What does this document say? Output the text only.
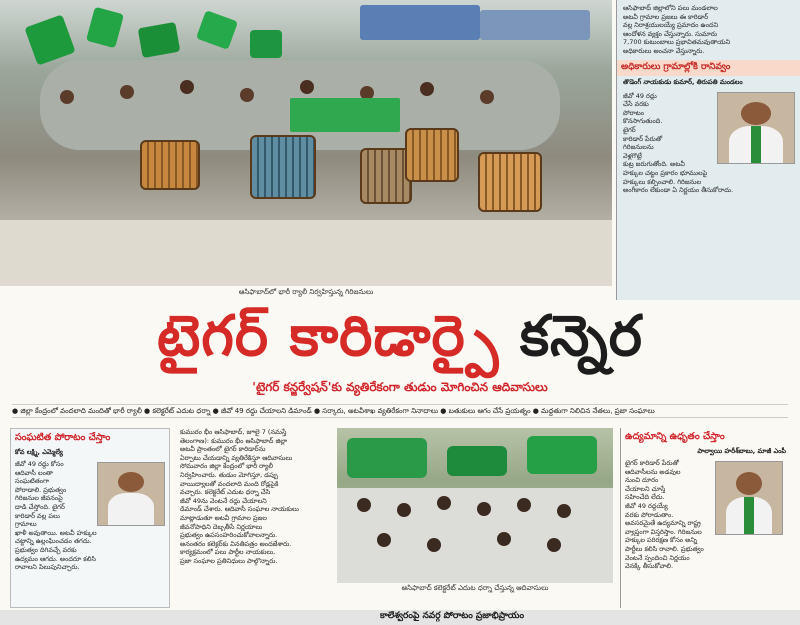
ఆసిఫాబాద్‌లో భారీ ర్యాలీ నిర్వహిస్తున్న గిరిజనులు
ఆసిఫాబాద్ జిల్లాలోని పలు మండలాల
అటవీ గ్రామాల ప్రజలు ఈ కారిడార్
వల్ల నిరాశ్రయులయ్యే ప్రమాదం ఉందని
ఆందోళన వ్యక్తం చేస్తున్నారు. సుమారు
7,700 కుటుంబాలు ప్రభావితమవుతాయని
అధికారులు అంచనా వేస్తున్నారు.
అధికారులు గ్రామాల్లోకి రానివ్వం
తొడెంగ్ నాయకుడు కుమార్, తిరుపతి మండలం
జీవో 49 రద్దు
చేసే వరకు
పోరాటం
కొనసాగుతుంది.
టైగర్
కారిడార్ పేరుతో
గిరిజనులను
వెళ్లగొట్టే
కుట్ర జరుగుతోంది. అటవీ
హక్కుల చట్టం ప్రకారం భూములపై
హక్కులు కల్పించాలి. గిరిజనుల
అంగీకారం లేకుండా ఏ నిర్ణయం తీసుకోరాదు.
టైగర్ కారిడార్పై కన్నెర
'టైగర్ కన్జర్వేషన్'కు వ్యతిరేకంగా తుడుం మోగించిన ఆదివాసులు
● జిల్లా కేంద్రంలో వందలాది మందితో భారీ ర్యాలీ ● కలెక్టరేట్ ఎదుట ధర్నా ● జీవో 49 రద్దు చేయాలని డిమాండ్ ● సర్కారు, అటవీశాఖ వ్యతిరేకంగా నినాదాలు ● బతుకులు ఆగం చేసే ప్రయత్నం ● మద్దతుగా నిలిచిన నేతలు, ప్రజా సంఘాలు
సంఘటిత పోరాటం చేస్తాం
కోవ లక్ష్మి, ఎమ్మెల్యే
జీవో 49 రద్దు కోసం
ఆదివాసీ లంతా
సంఘటితంగా
పోరాడాలి. ప్రభుత్వం
గిరిజనుల జీవనంపై
దాడి చేస్తోంది. టైగర్
కారిడార్ వల్ల పలు
గ్రామాలు
ఖాళీ అవుతాయి. అటవీ హక్కుల
చట్టాన్ని ఉల్లంఘించడం తగదు.
ప్రభుత్వం దిగివచ్చే వరకు
ఉద్యమం ఆగదు. అందరూ కలిసి
రావాలని పిలుపునిచ్చారు.
కుమురం భీం ఆసిఫాబాద్, జూలై 7 (నమస్తే
తెలంగాణ): కుమురం భీం ఆసిఫాబాద్ జిల్లా
అటవీ ప్రాంతంలో టైగర్ కారిడార్‌ను
ఏర్పాటు చేయడాన్ని వ్యతిరేకిస్తూ ఆదివాసులు
సోమవారం జిల్లా కేంద్రంలో భారీ ర్యాలీ
నిర్వహించారు. తుడుం మోగిస్తూ, డప్పు
వాయిద్యాలతో వందలాది మంది రోడ్లపైకి
వచ్చారు. కలెక్టరేట్ ఎదుట ధర్నా చేసి
జీవో 49ను వెంటనే రద్దు చేయాలని
డిమాండ్ చేశారు. ఆదివాసీ సంఘాల నాయకులు
మాట్లాడుతూ అటవీ గ్రామాల ప్రజల
జీవనోపాధిని దెబ్బతీసే నిర్ణయాలు
ప్రభుత్వం ఉపసంహరించుకోవాలన్నారు.
అనంతరం కలెక్టర్‌కు వినతిపత్రం అందజేశారు.
కార్యక్రమంలో పలు పార్టీల నాయకులు,
ప్రజా సంఘాల ప్రతినిధులు పాల్గొన్నారు.
ఆసిఫాబాద్ కలెక్టరేట్ ఎదుట ధర్నా చేస్తున్న ఆదివాసులు
ఉద్యమాన్ని ఉధృతం చేస్తాం
పాల్వాయి హరీశ్‌బాబు, మాజీ ఎంపీ
టైగర్ కారిడార్ పేరుతో
ఆదివాసీలను అడవుల
నుంచి దూరం
చేయాలని చూస్తే
సహించేది లేదు.
జీవో 49 రద్దయ్యే
వరకు పోరాడుతాం.
అవసరమైతే ఉద్యమాన్ని రాష్ట్ర
వ్యాప్తంగా విస్తరిస్తాం. గిరిజనుల
హక్కుల పరిరక్షణ కోసం అన్ని
పార్టీలు కలిసి రావాలి. ప్రభుత్వం
వెంటనే స్పందించి నిర్ణయం
వెనక్కి తీసుకోవాలి.
కాలేశ్వరంపై నవర్గ పోరాటం ప్రజాభిప్రాయం
